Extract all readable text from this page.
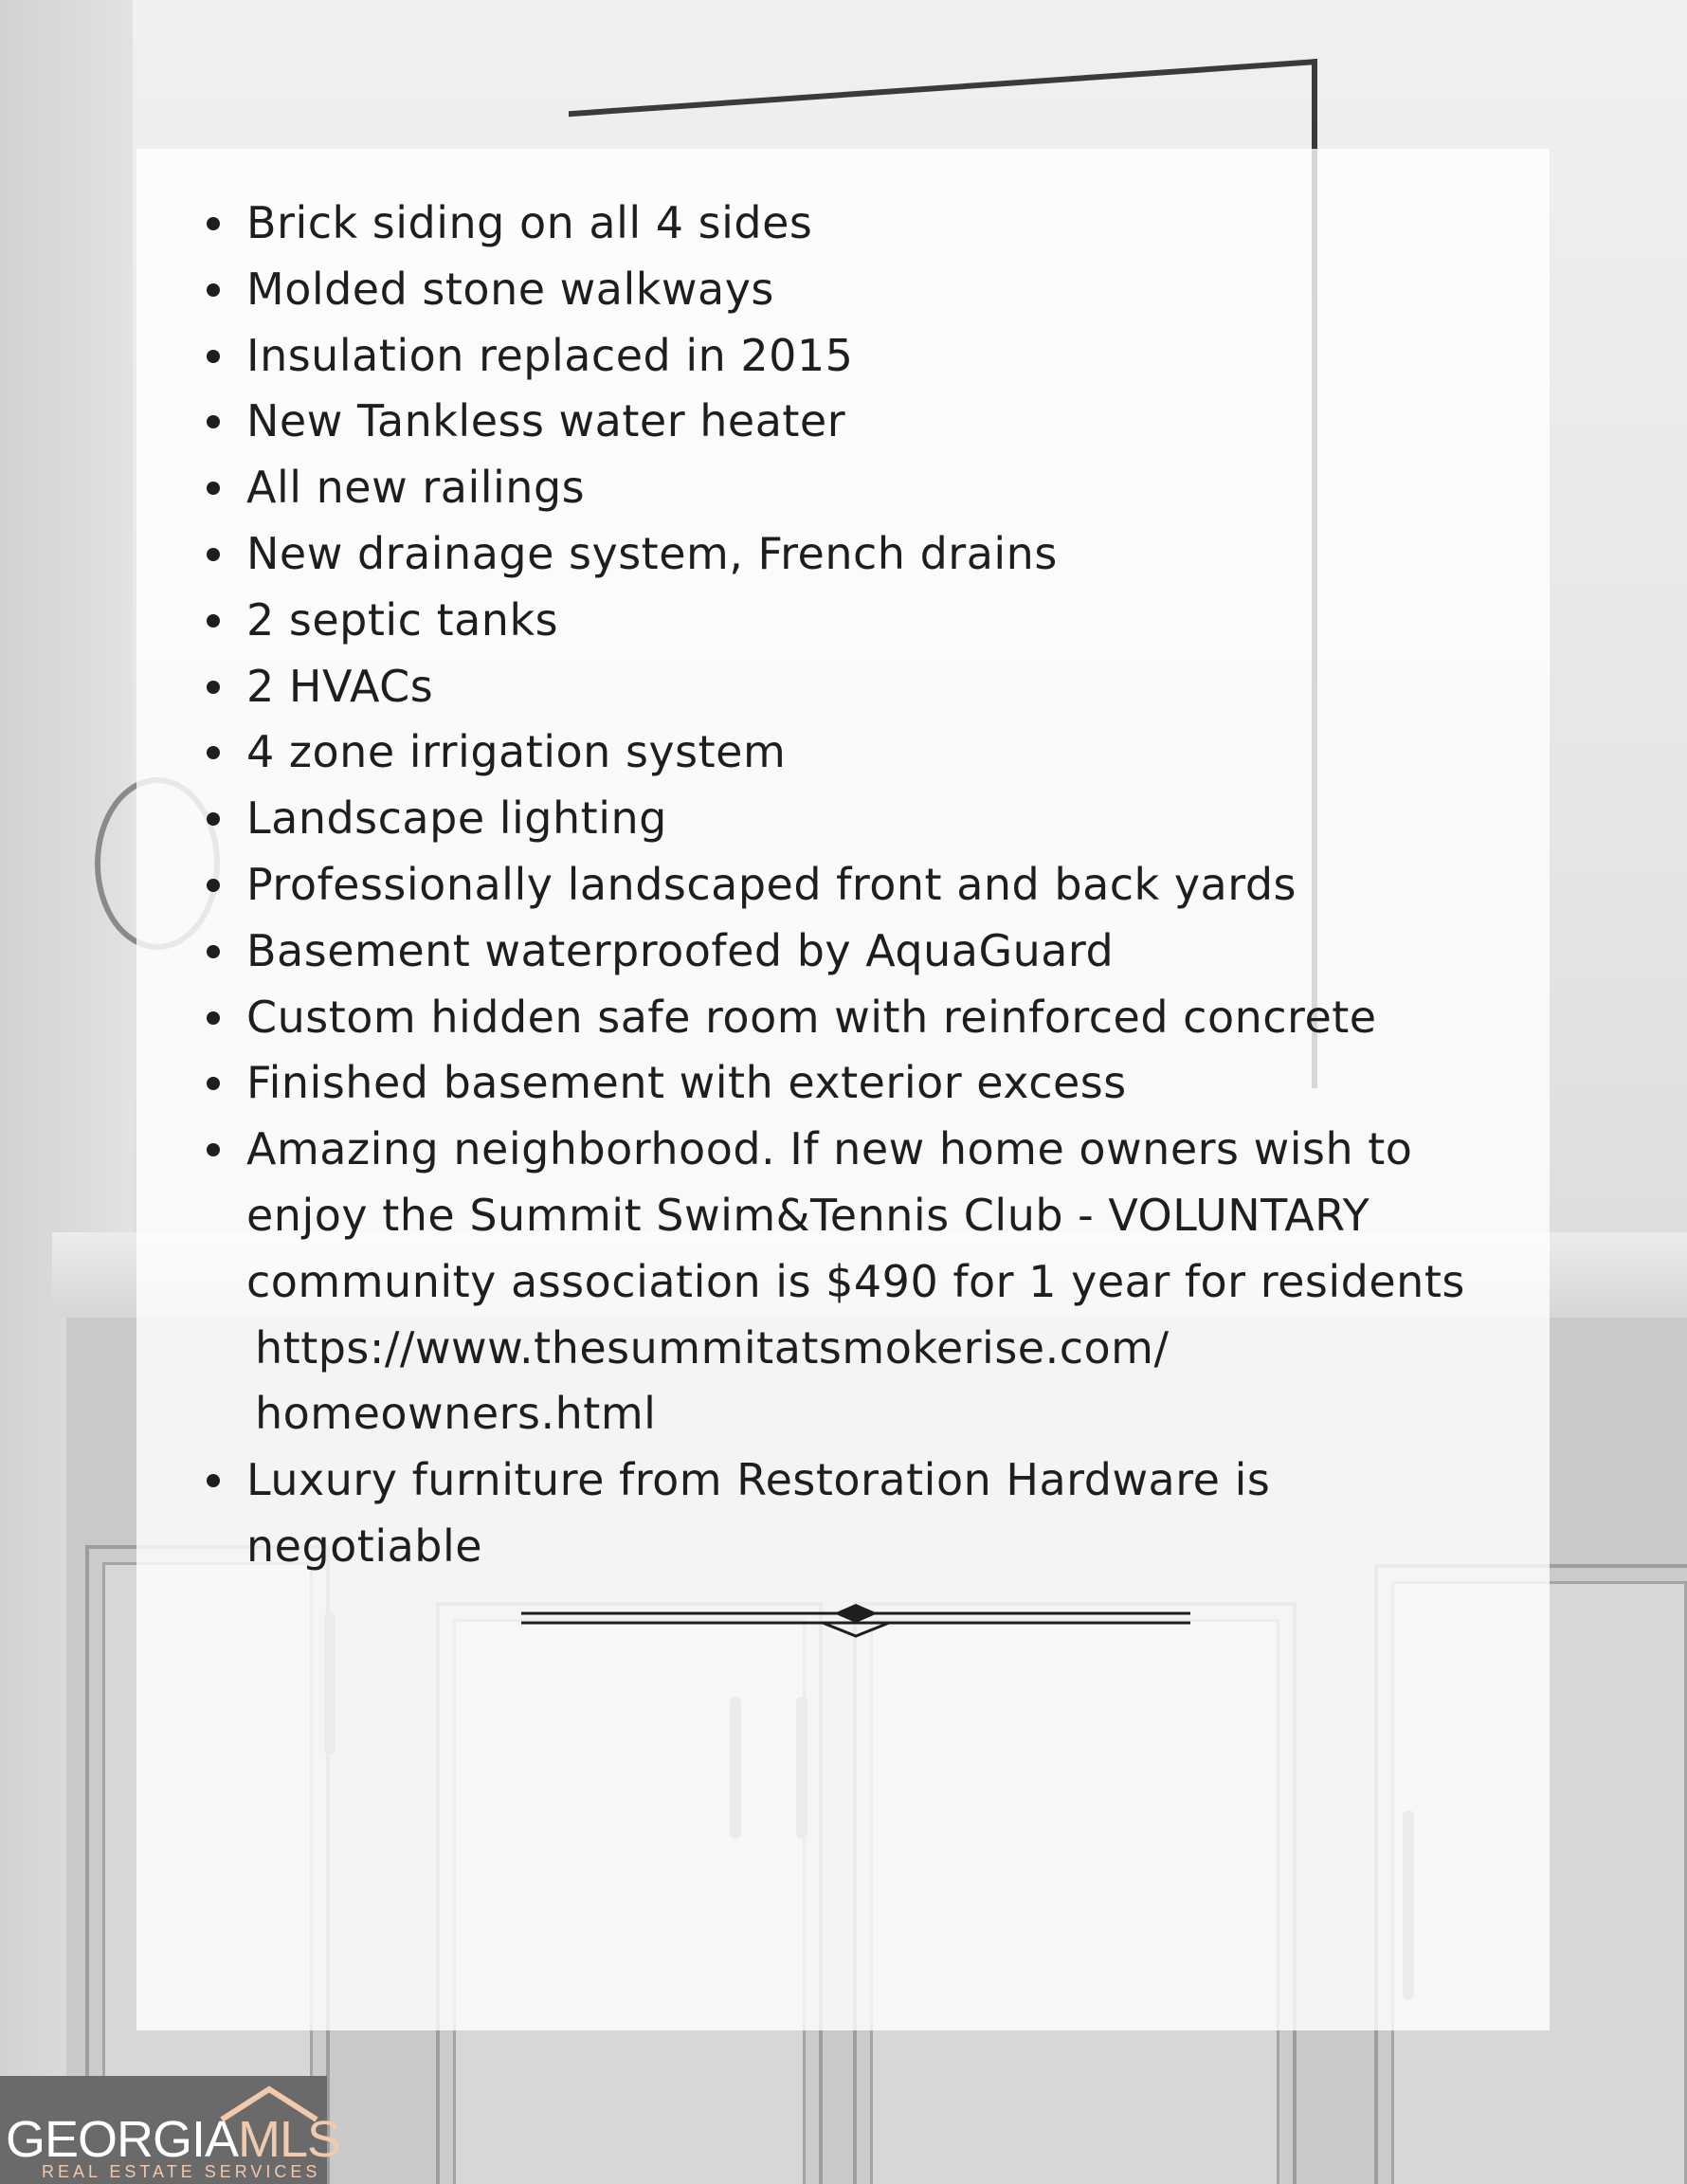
Brick siding on all 4 sides
Molded stone walkways
Insulation replaced in 2015
New Tankless water heater
All new railings
New drainage system, French drains
2 septic tanks
2 HVACs
4 zone irrigation system
Landscape lighting
Professionally landscaped front and back yards
Basement waterproofed by AquaGuard
Custom hidden safe room with reinforced concrete
Finished basement with exterior excess
Amazing neighborhood. If new home owners wish to enjoy the Summit Swim&Tennis Club - VOLUNTARY community association is $490 for 1 year for residents
https://www.thesummitatsmokerise.com/
homeowners.html
Luxury furniture from Restoration Hardware is negotiable
GEORGIAMLS
REAL ESTATE SERVICES
